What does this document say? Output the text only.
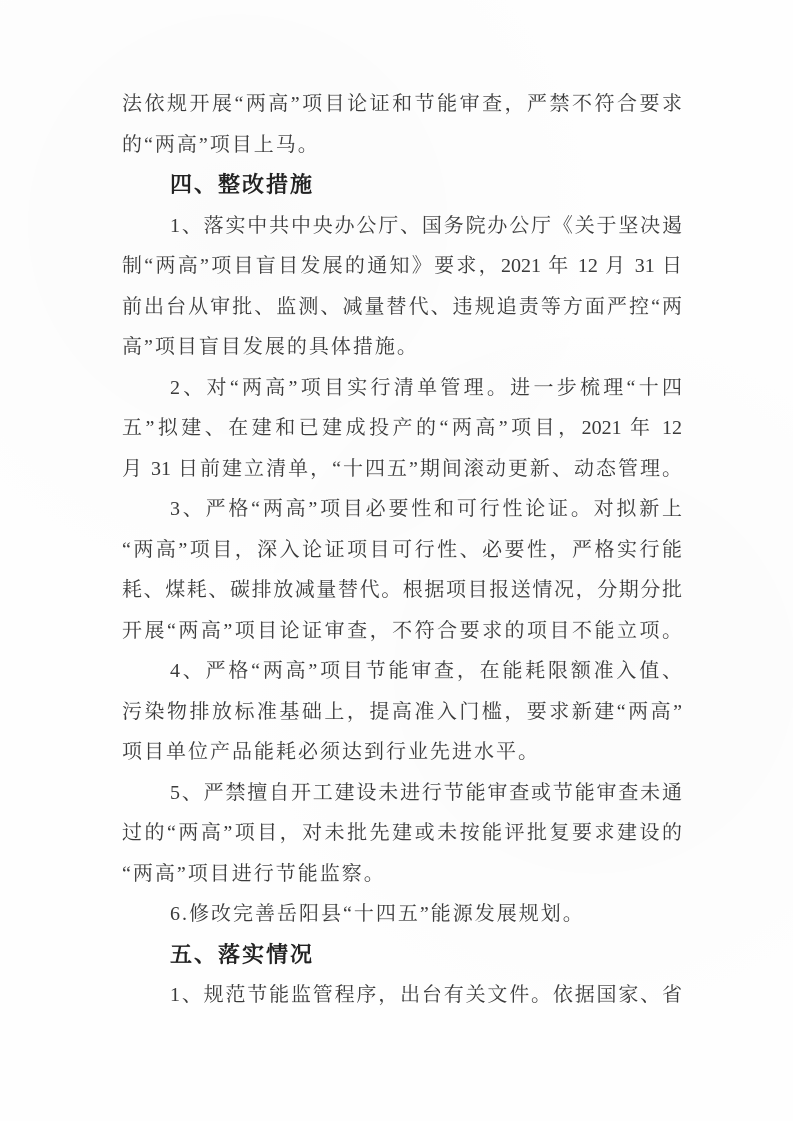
法依规开展“两高”项目论证和节能审查，严禁不符合要求
的“两高”项目上马。
四、整改措施
1、落实中共中央办公厅、国务院办公厅《关于坚决遏
制“两高”项目盲目发展的通知》要求，2021 年 12 月 31 日
前出台从审批、监测、减量替代、违规追责等方面严控“两
高”项目盲目发展的具体措施。
2、对“两高”项目实行清单管理。进一步梳理“十四
五”拟建、在建和已建成投产的“两高”项目，2021 年 12
月 31 日前建立清单，“十四五”期间滚动更新、动态管理。
3、严格“两高”项目必要性和可行性论证。对拟新上
“两高”项目，深入论证项目可行性、必要性，严格实行能
耗、煤耗、碳排放减量替代。根据项目报送情况，分期分批
开展“两高”项目论证审查，不符合要求的项目不能立项。
4、严格“两高”项目节能审查，在能耗限额准入值、
污染物排放标准基础上，提高准入门槛，要求新建“两高”
项目单位产品能耗必须达到行业先进水平。
5、严禁擅自开工建设未进行节能审查或节能审查未通
过的“两高”项目，对未批先建或未按能评批复要求建设的
“两高”项目进行节能监察。
6.修改完善岳阳县“十四五”能源发展规划。
五、落实情况
1、规范节能监管程序，出台有关文件。依据国家、省
